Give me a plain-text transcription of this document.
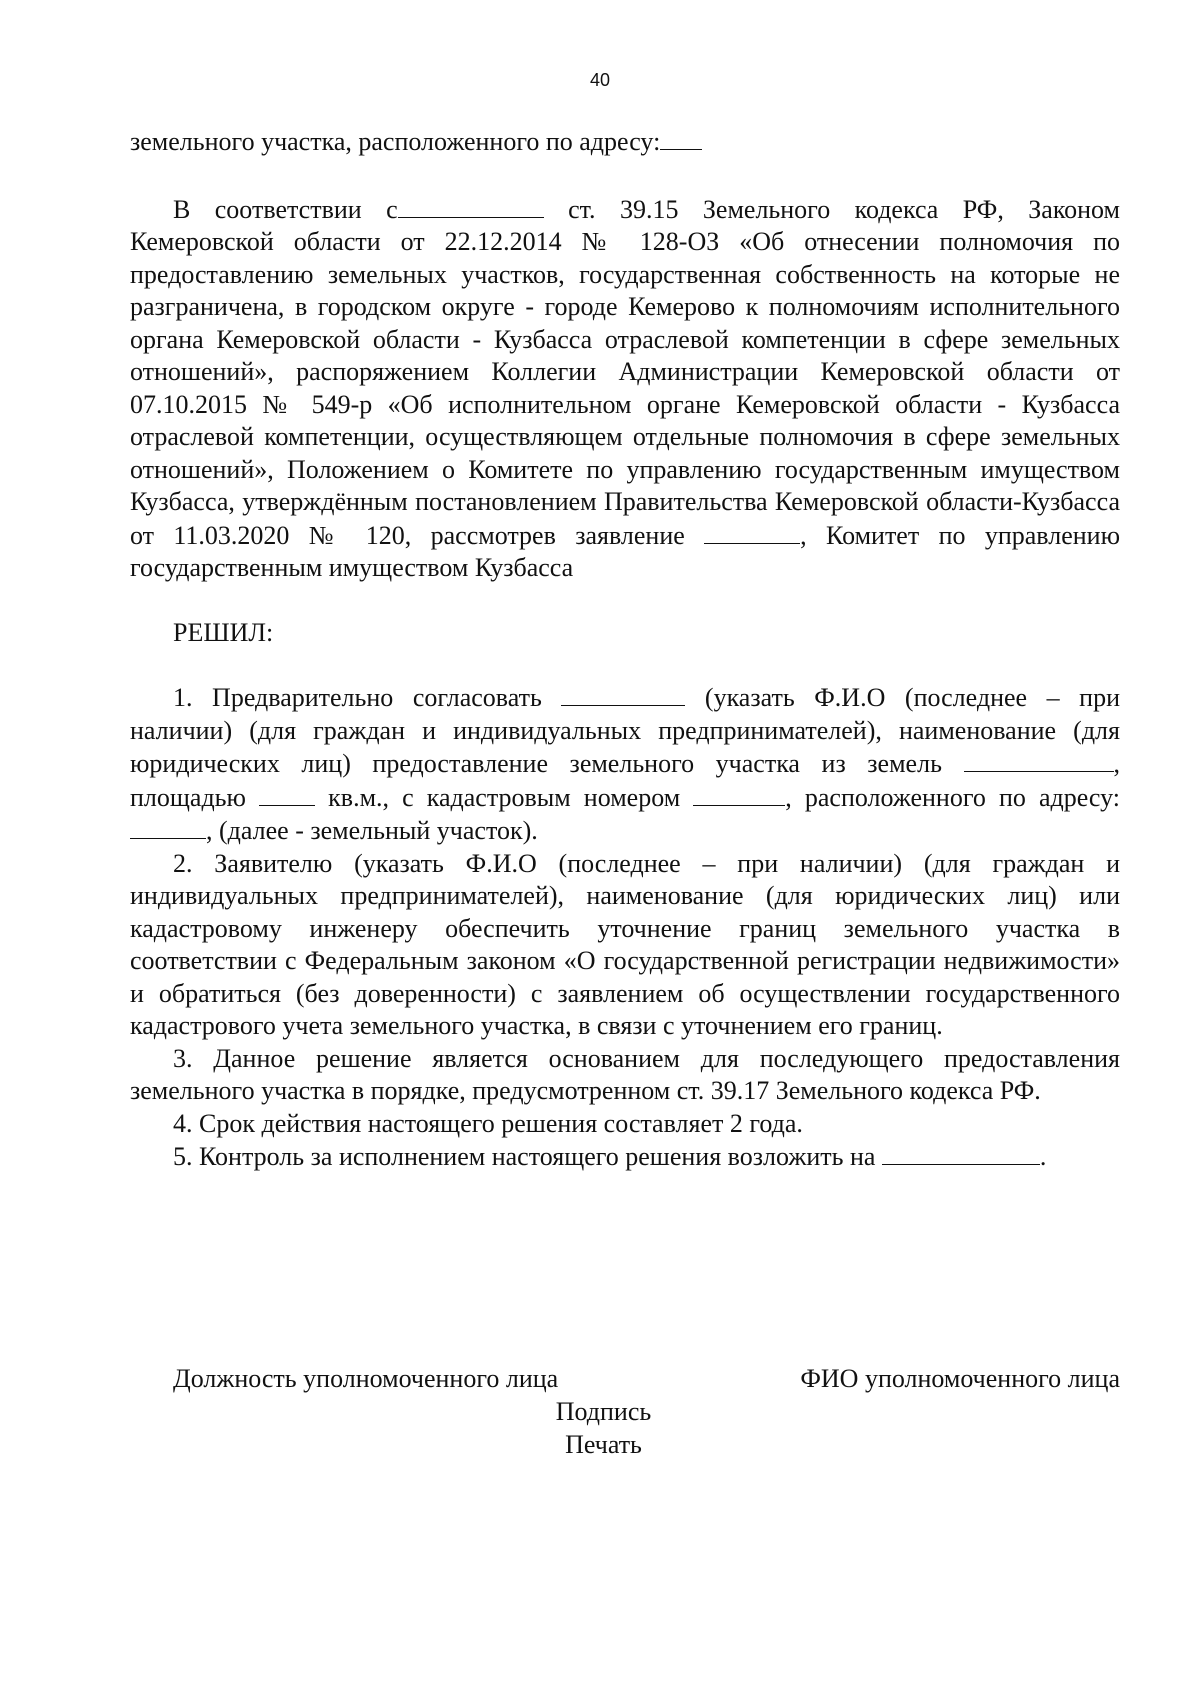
40

земельного участка, расположенного по адресу:

В соответствии с	ст. 39.15 Земельного кодекса РФ, Законом Кемеровской области от 22.12.2014 № 128-ОЗ «Об отнесении полномочия по предоставлению земельных участков, государственная собственность на которые не разграничена, в городском округе - городе Кемерово к полномочиям исполнительного органа Кемеровской области - Кузбасса отраслевой компетенции в сфере земельных отношений», распоряжением Коллегии Администрации Кемеровской области от 07.10.2015 № 549-р «Об исполнительном органе Кемеровской области - Кузбасса отраслевой компетенции, осуществляющем отдельные полномочия в сфере земельных отношений», Положением о Комитете по управлению государственным имуществом Кузбасса, утверждённым постановлением Правительства Кемеровской области-Кузбасса от 11.03.2020 № 120, рассмотрев заявление	, Комитет по управлению государственным имуществом Кузбасса

РЕШИЛ:

1. Предварительно согласовать	(указать Ф.И.О (последнее – при наличии) (для граждан и индивидуальных предпринимателей), наименование (для юридических лиц) предоставление земельного участка из земель	, площадью  кв.м., с кадастровым номером	, расположенного по адресу: , (далее - земельный участок).

2. Заявителю (указать Ф.И.О (последнее – при наличии) (для граждан и индивидуальных предпринимателей), наименование (для юридических лиц) или кадастровому инженеру обеспечить уточнение границ земельного участка в соответствии с Федеральным законом «О государственной регистрации недвижимости» и обратиться (без доверенности) с заявлением об осуществлении государственного кадастрового учета земельного участка, в связи с уточнением его границ.

3. Данное решение является основанием для последующего предоставления земельного участка в порядке, предусмотренном ст. 39.17 Земельного кодекса РФ.

4. Срок действия настоящего решения составляет 2 года.

5. Контроль за исполнением настоящего решения возложить на	.

Должность уполномоченного лица	ФИО уполномоченного лица
Подпись
Печать
